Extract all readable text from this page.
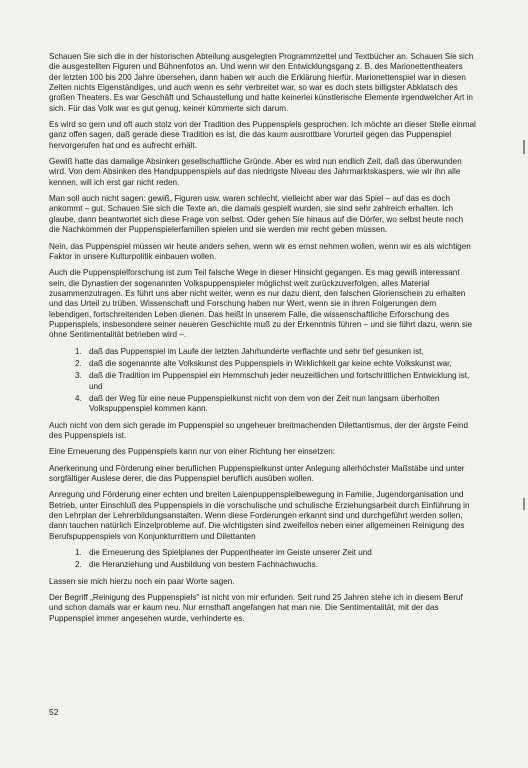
Schauen Sie sich die in der historischen Abteilung ausgelegten Programmzettel und Textbücher an. Schauen Sie sich die ausgestellten Figuren und Bühnenfotos an. Und wenn wir den Entwicklungsgang z. B. des Marionettentheaters der letzten 100 bis 200 Jahre übersehen, dann haben wir auch die Erklärung hierfür. Marionettenspiel war in diesen Zeiten nichts Eigenständiges, und auch wenn es sehr verbreitet war, so war es doch stets billigster Abklatsch des großen Theaters. Es war Geschäft und Schaustellung und hatte keinerlei künstlerische Elemente irgendwelcher Art in sich. Für das Volk war es gut genug, keiner kümmerte sich darum.

Es wird so gern und oft auch stolz von der Tradition des Puppenspiels gesprochen. Ich möchte an dieser Stelle einmal ganz offen sagen, daß gerade diese Tradition es ist, die das kaum ausrottbare Vorurteil gegen das Puppenspiel hervorgerufen hat und es aufrecht erhält.

Gewiß hatte das damalige Absinken gesellschaftliche Gründe. Aber es wird nun endlich Zeit, daß das überwunden wird. Von dem Absinken des Handpuppenspiels auf das niedrigste Niveau des Jahrmarktskaspers, wie wir ihn alle kennen, will ich erst gar nicht reden.

Man soll auch nicht sagen: gewiß, Figuren usw. waren schlecht, vielleicht aber war das Spiel – auf das es doch ankommt – gut. Schauen Sie sich die Texte an, die damals gespielt wurden, sie sind sehr zahlreich erhalten. Ich glaube, dann beantwortet sich diese Frage von selbst. Oder gehen Sie hinaus auf die Dörfer, wo selbst heute noch die Nachkommen der Puppenspielerfamilien spielen und sie werden mir recht geben müssen.

Nein, das Puppenspiel müssen wir heute anders sehen, wenn wir es ernst nehmen wollen, wenn wir es als wichtigen Faktor in unsere Kulturpolitik einbauen wollen.

Auch die Puppenspielforschung ist zum Teil falsche Wege in dieser Hinsicht gegangen. Es mag gewiß interessant sein, die Dynastien der sogenannten Volkspuppenspieler möglichst weit zurückzuverfolgen, alles Material zusammenzutragen. Es führt uns aber nicht weiter, wenn es nur dazu dient, den falschen Glorienschein zu erhalten und das Urteil zu trüben. Wissenschaft und Forschung haben nur Wert, wenn sie in ihren Folgerungen dem lebendigen, fortschreitenden Leben dienen. Das heißt in unserem Falle, die wissenschaftliche Erforschung des Puppenspiels, insbesondere seiner neueren Geschichte muß zu der Erkenntnis führen – und sie führt dazu, wenn sie ohne Sentimentalität betrieben wird –.

1. daß das Puppenspiel im Laufe der letzten Jahrhunderte verflachte und sehr tief gesunken ist,
2. daß die sogenannte alte Volkskunst des Puppenspiels in Wirklichkeit gar keine echte Volkskunst war,
3. daß die Tradition im Puppenspiel ein Hemmschuh jeder neuzeitlichen und fortschrittlichen Entwicklung ist, und
4. daß der Weg für eine neue Puppenspielkunst nicht von dem von der Zeit nun langsam überholten Volkspuppenspiel kommen kann.

Auch nicht von dem sich gerade im Puppenspiel so ungeheuer breitmachenden Dilettantismus, der der ärgste Feind des Puppenspiels ist.

Eine Erneuerung des Puppenspiels kann nur von einer Richtung her einsetzen:

Anerkennung und Förderung einer beruflichen Puppenspielkunst unter Anlegung allerhöchster Maßstäbe und unter sorgfältiger Auslese derer, die das Puppenspiel beruflich ausüben wollen.

Anregung und Förderung einer echten und breiten Laienpuppenspielbewegung in Familie, Jugendorganisation und Betrieb, unter Einschluß des Puppenspiels in die vorschulische und schulische Erziehungsarbeit durch Einführung in den Lehrplan der Lehrerbildungsanstalten. Wenn diese Forderungen erkannt sind und durchgeführt werden sollen, dann tauchen natürlich Einzelprobleme auf. Die wichtigsten sind zweifellos neben einer allgemeinen Reinigung des Berufspuppenspiels von Konjunkturrittern und Dilettanten

1. die Erneuerung des Spielplanes der Puppentheater im Geiste unserer Zeit und
2. die Heranziehung und Ausbildung von bestem Fachnachwuchs.

Lassen sie mich hierzu noch ein paar Worte sagen.

Der Begriff „Reinigung des Puppenspiels" ist nicht von mir erfunden. Seit rund 25 Jahren stehe ich in diesem Beruf und schon damals war er kaum neu. Nur ernsthaft angefangen hat man nie. Die Sentimentalität, mit der das Puppenspiel immer angesehen wurde, verhinderte es.

52
